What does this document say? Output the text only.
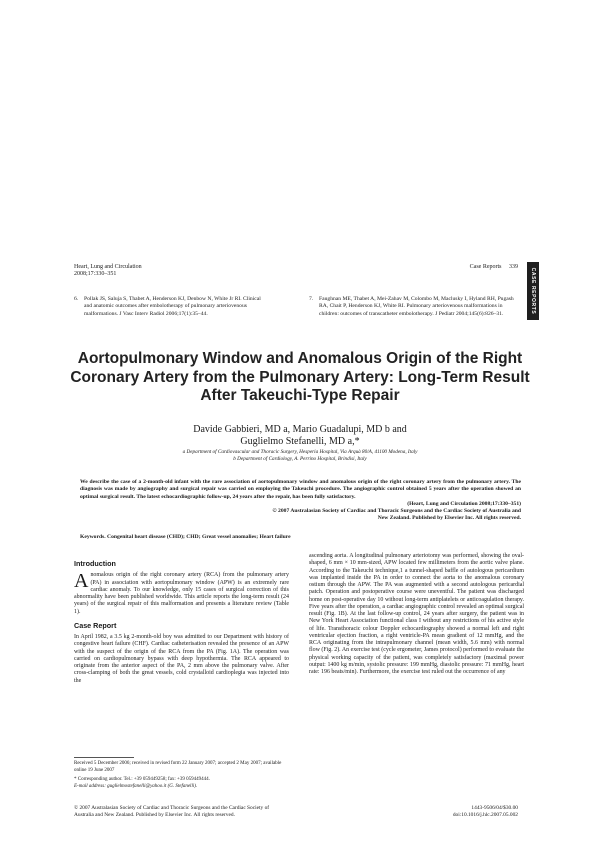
Heart, Lung and Circulation
2008;17:330–351
Case Reports 339
CASE REPORTS
6.	Pollak JS, Saluja S, Thabet A, Henderson KJ, Denbow N, White Jr RI. Clinical and anatomic outcomes after embolotherapy of pulmonary arteriovenous malformations. J Vasc Interv Radiol 2006;17(1):35–44.
7.	Faughnan ME, Thabet A, Mei-Zahav M, Colombo M, Maclusky I, Hyland RH, Pugash RA, Chait P, Henderson KJ, White RI. Pulmonary arteriovenous malformations in children: outcomes of transcatheter embolotherapy. J Pediatr 2004;145(6):826–31.
Aortopulmonary Window and Anomalous Origin of the Right Coronary Artery from the Pulmonary Artery: Long-Term Result After Takeuchi-Type Repair
Davide Gabbieri, MD a, Mario Guadalupi, MD b and
Guglielmo Stefanelli, MD a,*
a Department of Cardiovascular and Thoracic Surgery, Hesperia Hospital, Via Arquà 80/A, 41100 Modena, Italy
b Department of Cardiology, A. Perrino Hospital, Brindisi, Italy
We describe the case of a 2-month-old infant with the rare association of aortopulmonary window and anomalous origin of the right coronary artery from the pulmonary artery. The diagnosis was made by angiography and surgical repair was carried on employing the Takeuchi procedure. The angiographic control obtained 5 years after the operation showed an optimal surgical result. The latest echocardiographic follow-up, 24 years after the repair, has been fully satisfactory.
(Heart, Lung and Circulation 2008;17:330–351)
© 2007 Australasian Society of Cardiac and Thoracic Surgeons and the Cardiac Society of Australia and
New Zealand. Published by Elsevier Inc. All rights reserved.
Keywords. Congenital heart disease (CHD); CHD; Great vessel anomalies; Heart failure
Introduction

Anomalous origin of the right coronary artery (RCA) from the pulmonary artery (PA) in association with aortopulmonary window (APW) is an extremely rare cardiac anomaly. To our knowledge, only 15 cases of surgical correction of this abnormality have been published worldwide. This article reports the long-term result (24 years) of the surgical repair of this malformation and presents a literature review (Table 1).

Case Report

In April 1982, a 3.5 kg 2-month-old boy was admitted to our Department with history of congestive heart failure (CHF). Cardiac catheterisation revealed the presence of an APW with the suspect of the origin of the RCA from the PA (Fig. 1A). The operation was carried on cardiopulmonary bypass with deep hypothermia. The RCA appeared to originate from the anterior aspect of the PA, 2 mm above the pulmonary valve. After cross-clamping of both the great vessels, cold crystalloid cardioplegia was injected into the

ascending aorta. A longitudinal pulmonary arteriotomy was performed, showing the oval-shaped, 6 mm × 10 mm-sized, APW located few millimeters from the aortic valve plane. According to the Takeuchi technique,1 a tunnel-shaped baffle of autologous pericardium was implanted inside the PA in order to connect the aorta to the anomalous coronary ostium through the APW. The PA was augmented with a second autologous pericardial patch. Operation and postoperative course were uneventful. The patient was discharged home on post-operative day 10 without long-term antiplatelets or anticoagulation therapy. Five years after the operation, a cardiac angiographic control revealed an optimal surgical result (Fig. 1B). At the last follow-up control, 24 years after surgery, the patient was in New York Heart Association functional class I without any restrictions of his active style of life. Transthoracic colour Doppler echocardiography showed a normal left and right ventricular ejection fraction, a right ventricle-PA mean gradient of 12 mmHg, and the RCA originating from the intrapulmonary channel (mean width, 5.6 mm) with normal flow (Fig. 2). An exercise test (cycle ergometer, James protocol) performed to evaluate the physical working capacity of the patient, was completely satisfactory (maximal power output: 1400 kg m/min, systolic pressure: 199 mmHg, diastolic pressure: 71 mmHg, heart rate: 196 beats/min). Furthermore, the exercise test ruled out the occurrence of any

Received 5 December 2006; received in revised form 22 January 2007; accepted 2 May 2007; available online 19 June 2007
* Corresponding author. Tel.: +39 059449258; fax: +39 059449444.
E-mail address: guglielmostefanelli@yahoo.it (G. Stefanelli).
© 2007 Australasian Society of Cardiac and Thoracic Surgeons and the Cardiac Society of
Australia and New Zealand. Published by Elsevier Inc. All rights reserved.
1443-9506/04/$30.00
doi:10.1016/j.hlc.2007.05.002
